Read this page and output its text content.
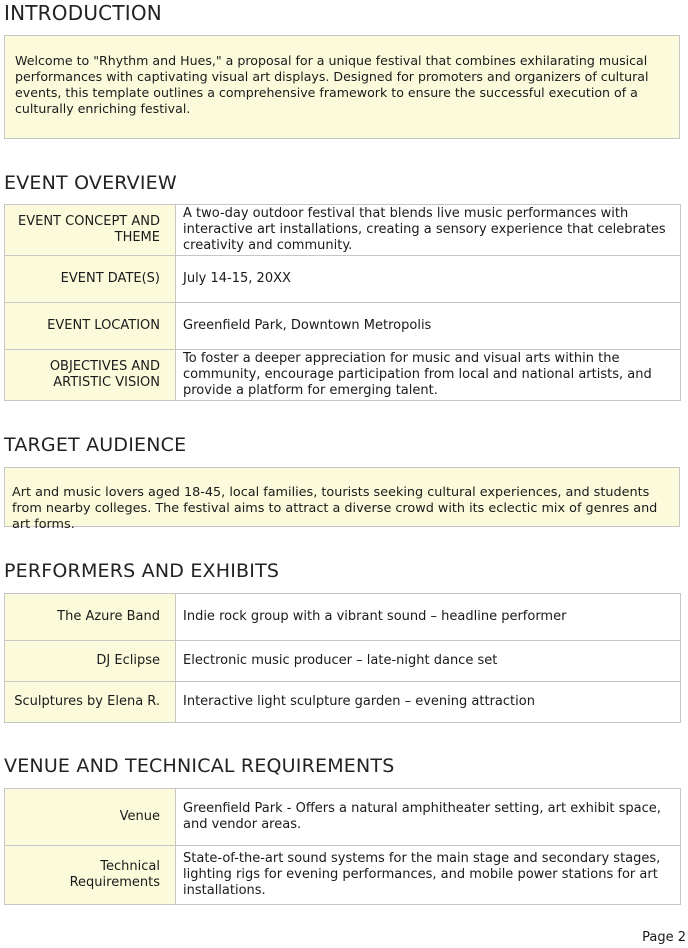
INTRODUCTION

Welcome to "Rhythm and Hues," a proposal for a unique festival that combines exhilarating musical performances with captivating visual art displays. Designed for promoters and organizers of cultural events, this template outlines a comprehensive framework to ensure the successful execution of a culturally enriching festival.

EVENT OVERVIEW
EVENT CONCEPT AND THEME	A two-day outdoor festival that blends live music performances with interactive art installations, creating a sensory experience that celebrates creativity and community.
EVENT DATE(S)	July 14-15, 20XX
EVENT LOCATION	Greenfield Park, Downtown Metropolis
OBJECTIVES AND ARTISTIC VISION	To foster a deeper appreciation for music and visual arts within the community, encourage participation from local and national artists, and provide a platform for emerging talent.
TARGET AUDIENCE

Art and music lovers aged 18-45, local families, tourists seeking cultural experiences, and students from nearby colleges. The festival aims to attract a diverse crowd with its eclectic mix of genres and art forms.

PERFORMERS AND EXHIBITS
The Azure Band	Indie rock group with a vibrant sound – headline performer
DJ Eclipse	Electronic music producer – late-night dance set
Sculptures by Elena R.	Interactive light sculpture garden – evening attraction
VENUE AND TECHNICAL REQUIREMENTS
Venue	Greenfield Park - Offers a natural amphitheater setting, art exhibit space, and vendor areas.
Technical Requirements	State-of-the-art sound systems for the main stage and secondary stages, lighting rigs for evening performances, and mobile power stations for art installations.
Page 2
